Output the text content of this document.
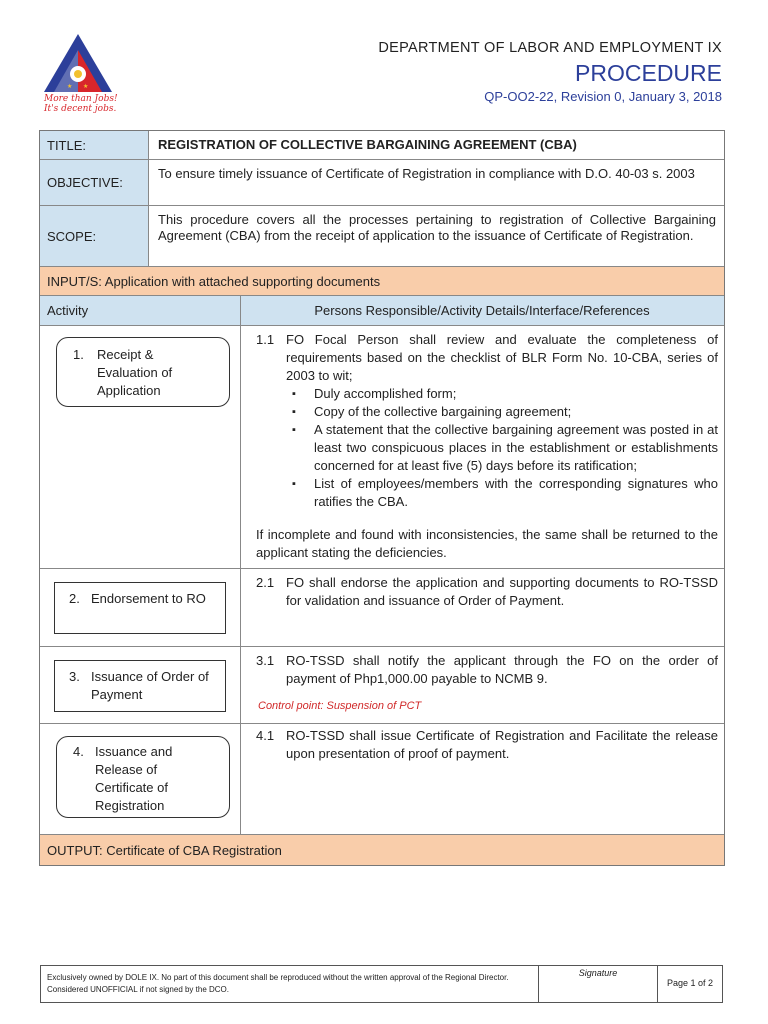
★ ★
More than Jobs! It's decent jobs.
DEPARTMENT OF LABOR AND EMPLOYMENT IX
PROCEDURE
QP-OO2-22, Revision 0, January 3, 2018
TITLE:	REGISTRATION OF COLLECTIVE BARGAINING AGREEMENT (CBA)
OBJECTIVE:
To ensure timely issuance of Certificate of Registration in compliance with D.O. 40-03 s. 2003
SCOPE:
This procedure covers all the processes pertaining to registration of Collective Bargaining Agreement (CBA) from the receipt of application to the issuance of Certificate of Registration.
INPUT/S: Application with attached supporting documents
Activity	Persons Responsible/Activity Details/Interface/References
1. Receipt & Evaluation of Application
2. Endorsement to RO
3. Issuance of Order of Payment
4. Issuance and Release of Certificate of Registration
1.1 FO Focal Person shall review and evaluate the completeness of requirements based on the checklist of BLR Form No. 10-CBA, series of 2003 to wit;
▪ Duly accomplished form;
▪ Copy of the collective bargaining agreement;
▪ A statement that the collective bargaining agreement was posted in at least two conspicuous places in the establishment or establishments concerned for at least five (5) days before its ratification;
▪ List of employees/members with the corresponding signatures who ratifies the CBA.
If incomplete and found with inconsistencies, the same shall be returned to the applicant stating the deficiencies.
2.1 FO shall endorse the application and supporting documents to RO-TSSD for validation and issuance of Order of Payment.
3.1 RO-TSSD shall notify the applicant through the FO on the order of payment of Php1,000.00 payable to NCMB 9.
Control point: Suspension of PCT
4.1 RO-TSSD shall issue Certificate of Registration and Facilitate the release upon presentation of proof of payment.
OUTPUT: Certificate of CBA Registration
Exclusively owned by DOLE IX. No part of this document shall be reproduced without the written approval of the Regional Director. Considered UNOFFICIAL if not signed by the DCO.
Signature
Page 1 of 2
